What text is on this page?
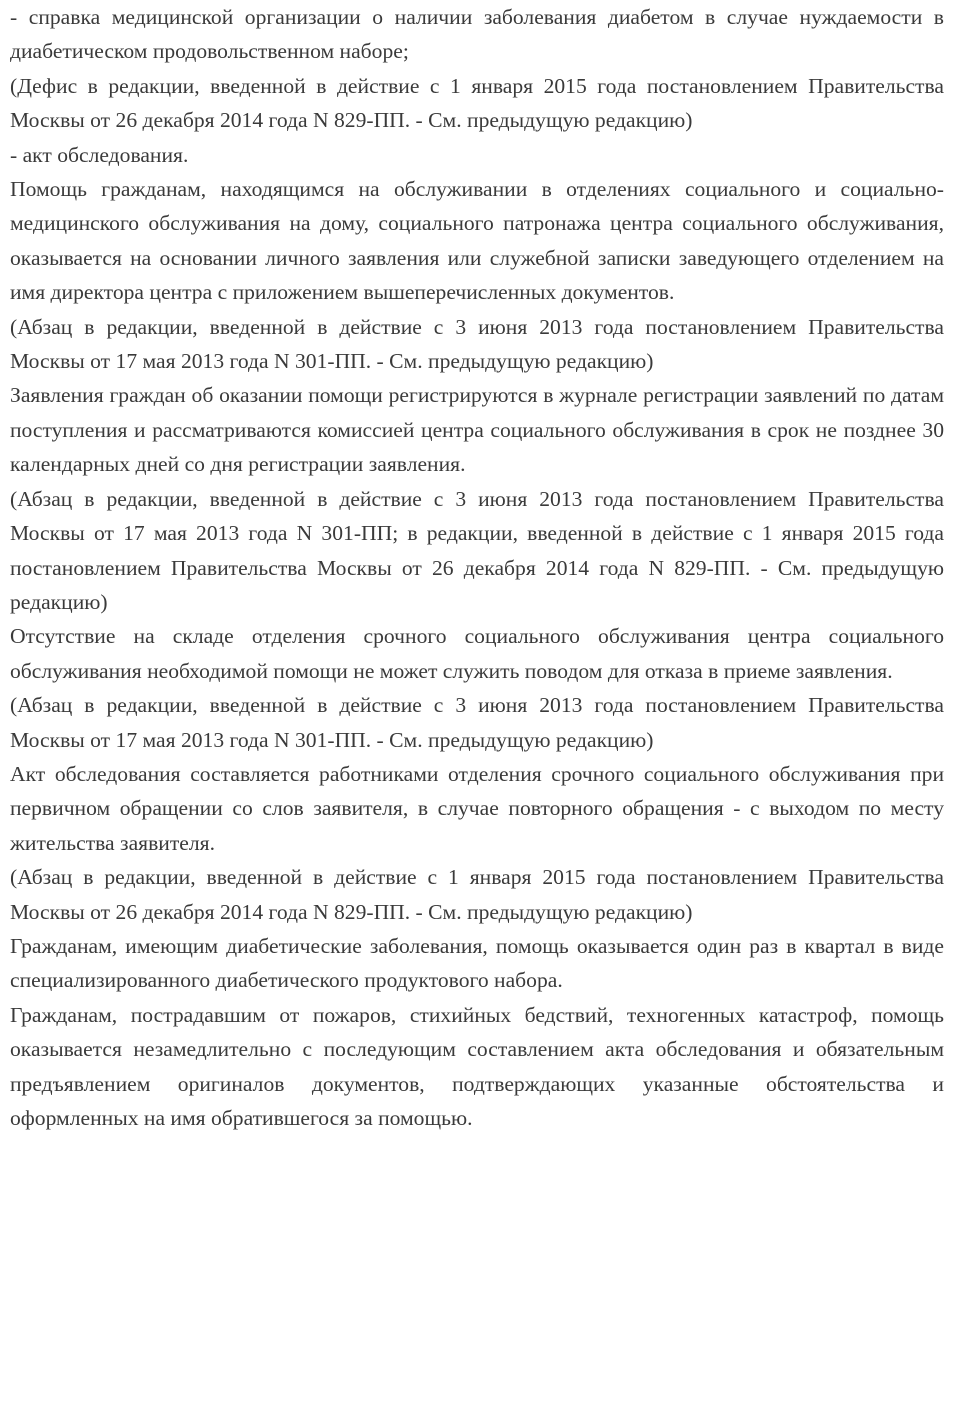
- справка медицинской организации о наличии заболевания диабетом в случае нуждаемости в диабетическом продовольственном наборе;

(Дефис в редакции, введенной в действие с 1 января 2015 года постановлением Правительства Москвы от 26 декабря 2014 года N 829-ПП. - См. предыдущую редакцию)

- акт обследования.

Помощь гражданам, находящимся на обслуживании в отделениях социального и социально-медицинского обслуживания на дому, социального патронажа центра социального обслуживания, оказывается на основании личного заявления или служебной записки заведующего отделением на имя директора центра с приложением вышеперечисленных документов.

(Абзац в редакции, введенной в действие с 3 июня 2013 года постановлением Правительства Москвы от 17 мая 2013 года N 301-ПП. - См. предыдущую редакцию)

Заявления граждан об оказании помощи регистрируются в журнале регистрации заявлений по датам поступления и рассматриваются комиссией центра социального обслуживания в срок не позднее 30 календарных дней со дня регистрации заявления.

(Абзац в редакции, введенной в действие с 3 июня 2013 года постановлением Правительства Москвы от 17 мая 2013 года N 301-ПП; в редакции, введенной в действие с 1 января 2015 года постановлением Правительства Москвы от 26 декабря 2014 года N 829-ПП. - См. предыдущую редакцию)

Отсутствие на складе отделения срочного социального обслуживания центра социального обслуживания необходимой помощи не может служить поводом для отказа в приеме заявления.

(Абзац в редакции, введенной в действие с 3 июня 2013 года постановлением Правительства Москвы от 17 мая 2013 года N 301-ПП. - См. предыдущую редакцию)

Акт обследования составляется работниками отделения срочного социального обслуживания при первичном обращении со слов заявителя, в случае повторного обращения - с выходом по месту жительства заявителя.

(Абзац в редакции, введенной в действие с 1 января 2015 года постановлением Правительства Москвы от 26 декабря 2014 года N 829-ПП. - См. предыдущую редакцию)

Гражданам, имеющим диабетические заболевания, помощь оказывается один раз в квартал в виде специализированного диабетического продуктового набора.

Гражданам, пострадавшим от пожаров, стихийных бедствий, техногенных катастроф, помощь оказывается незамедлительно с последующим составлением акта обследования и обязательным предъявлением оригиналов документов, подтверждающих указанные обстоятельства и оформленных на имя обратившегося за помощью.
